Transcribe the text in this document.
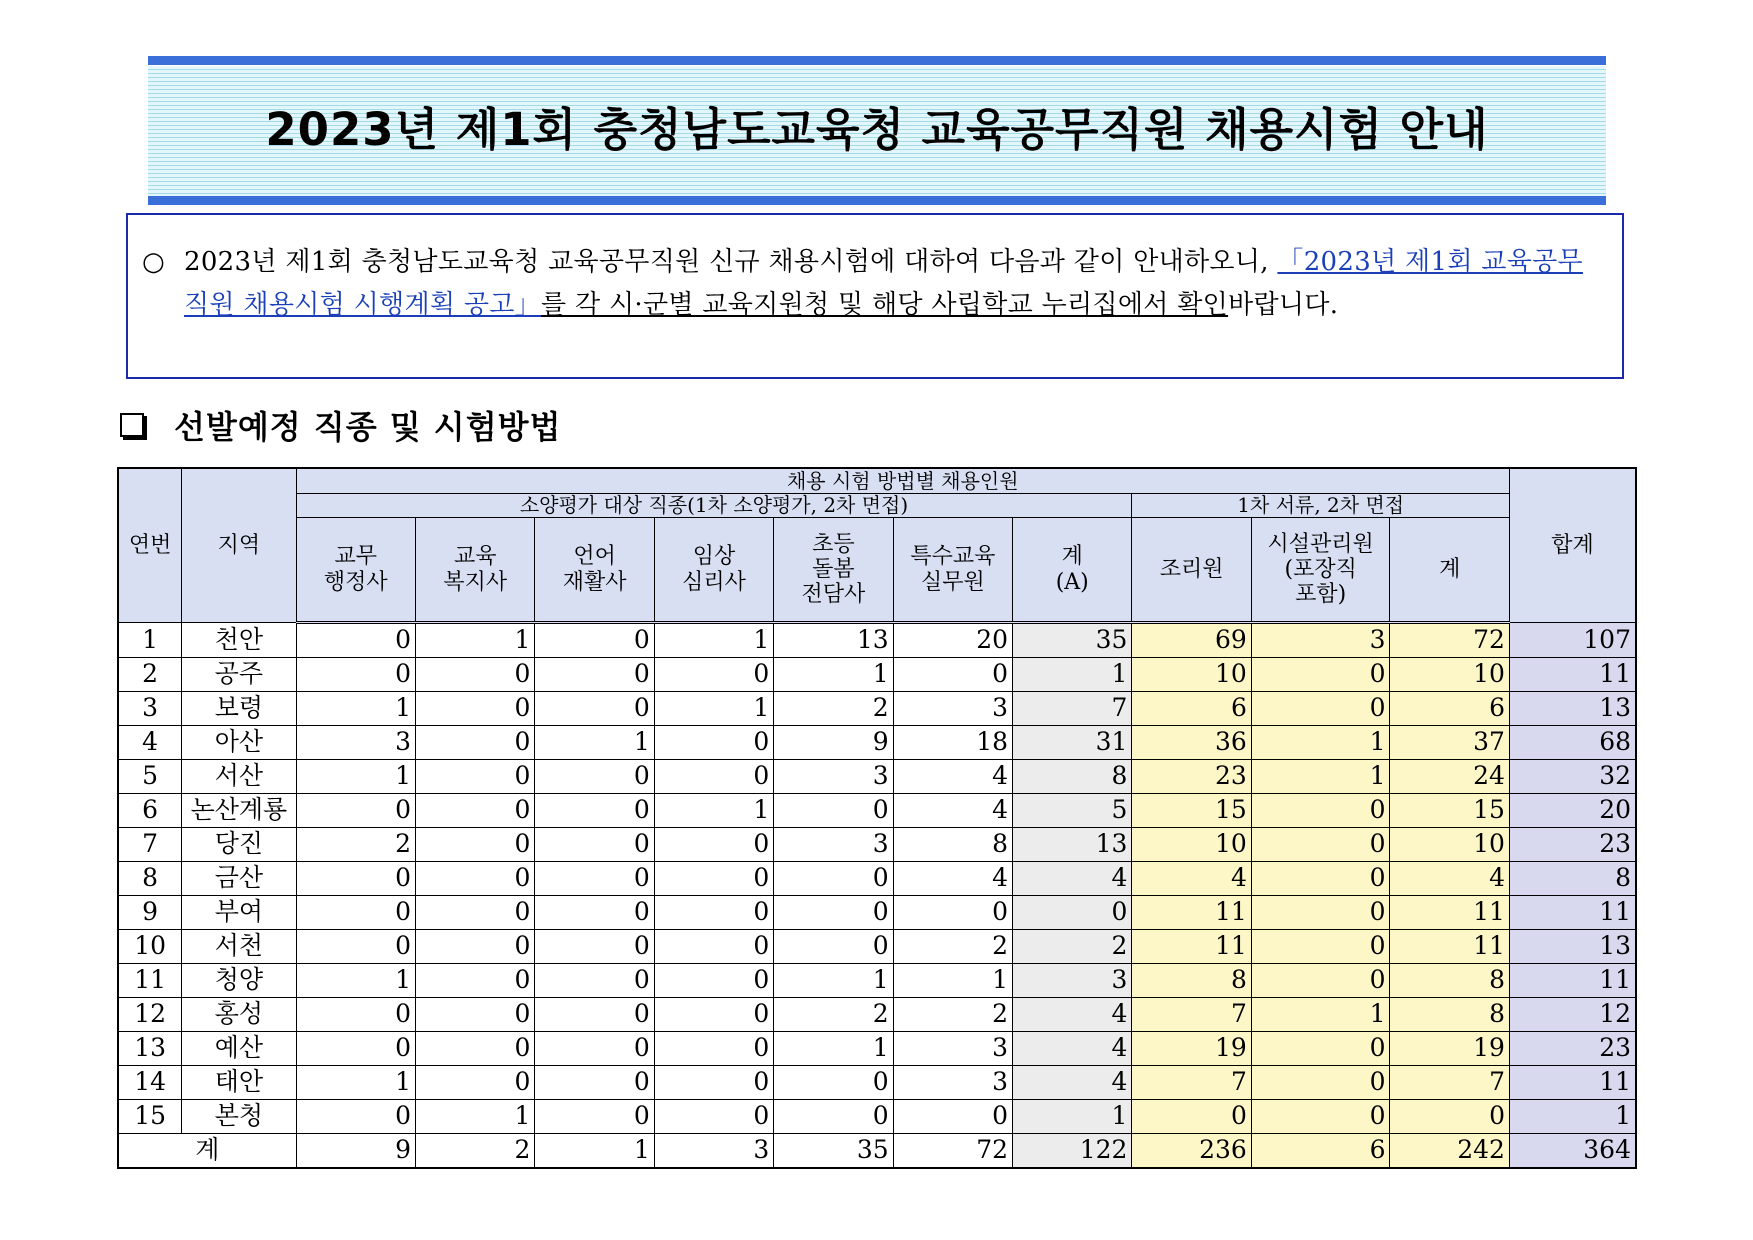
2023년 제1회 충청남도교육청 교육공무직원 채용시험 안내
○ 2023년 제1회 충청남도교육청 교육공무직원 신규 채용시험에 대하여 다음과 같이 안내하오니, 「2023년 제1회 교육공무직원 채용시험 시행계획 공고」를 각 시·군별 교육지원청 및 해당 사립학교 누리집에서 확인바랍니다.
선발예정 직종 및 시험방법
연번	지역	채용 시험 방법별 채용인원										합계
		소양평가 대상 직종(1차 소양평가, 2차 면접)							1차 서류, 2차 면접			
		교무
행정사	교육
복지사	언어
재활사	임상
심리사	초등
돌봄
전담사	특수교육
실무원	계
(A)	조리원	시설관리원
(포장직
포함)	계	
1	천안	0	1	0	1	13	20	35	69	3	72	107
2	공주	0	0	0	0	1	0	1	10	0	10	11
3	보령	1	0	0	1	2	3	7	6	0	6	13
4	아산	3	0	1	0	9	18	31	36	1	37	68
5	서산	1	0	0	0	3	4	8	23	1	24	32
6	논산계룡	0	0	0	1	0	4	5	15	0	15	20
7	당진	2	0	0	0	3	8	13	10	0	10	23
8	금산	0	0	0	0	0	4	4	4	0	4	8
9	부여	0	0	0	0	0	0	0	11	0	11	11
10	서천	0	0	0	0	0	2	2	11	0	11	13
11	청양	1	0	0	0	1	1	3	8	0	8	11
12	홍성	0	0	0	0	2	2	4	7	1	8	12
13	예산	0	0	0	0	1	3	4	19	0	19	23
14	태안	1	0	0	0	0	3	4	7	0	7	11
15	본청	0	1	0	0	0	0	1	0	0	0	1
계		9	2	1	3	35	72	122	236	6	242	364
